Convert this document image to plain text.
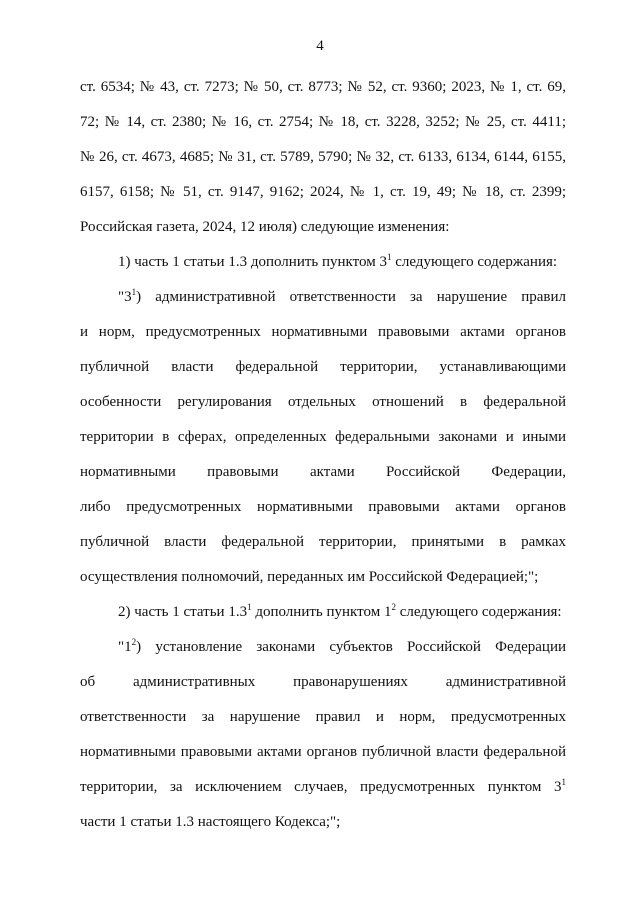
4
ст. 6534; № 43, ст. 7273; № 50, ст. 8773; № 52, ст. 9360; 2023, № 1, ст. 69,
72; № 14, ст. 2380; № 16, ст. 2754; № 18, ст. 3228, 3252; № 25, ст. 4411;
№ 26, ст. 4673, 4685; № 31, ст. 5789, 5790; № 32, ст. 6133, 6134, 6144, 6155,
6157, 6158; № 51, ст. 9147, 9162; 2024, № 1, ст. 19, 49; № 18, ст. 2399;
Российская газета, 2024, 12 июля) следующие изменения:
1) часть 1 статьи 1.3 дополнить пунктом $3^1$ следующего содержания:
"$3^1$) административной ответственности за нарушение правил
и норм, предусмотренных нормативными правовыми актами органов
публичной власти федеральной территории, устанавливающими
особенности регулирования отдельных отношений в федеральной
территории в сферах, определенных федеральными законами и иными
нормативными правовыми актами Российской Федерации,
либо предусмотренных нормативными правовыми актами органов
публичной власти федеральной территории, принятыми в рамках
осуществления полномочий, переданных им Российской Федерацией;";
2) часть 1 статьи $1.3^1$ дополнить пунктом $1^2$ следующего содержания:
"$1^2$) установление законами субъектов Российской Федерации
об административных правонарушениях административной
ответственности за нарушение правил и норм, предусмотренных
нормативными правовыми актами органов публичной власти федеральной
территории, за исключением случаев, предусмотренных пунктом $3^1$
части 1 статьи 1.3 настоящего Кодекса;";
